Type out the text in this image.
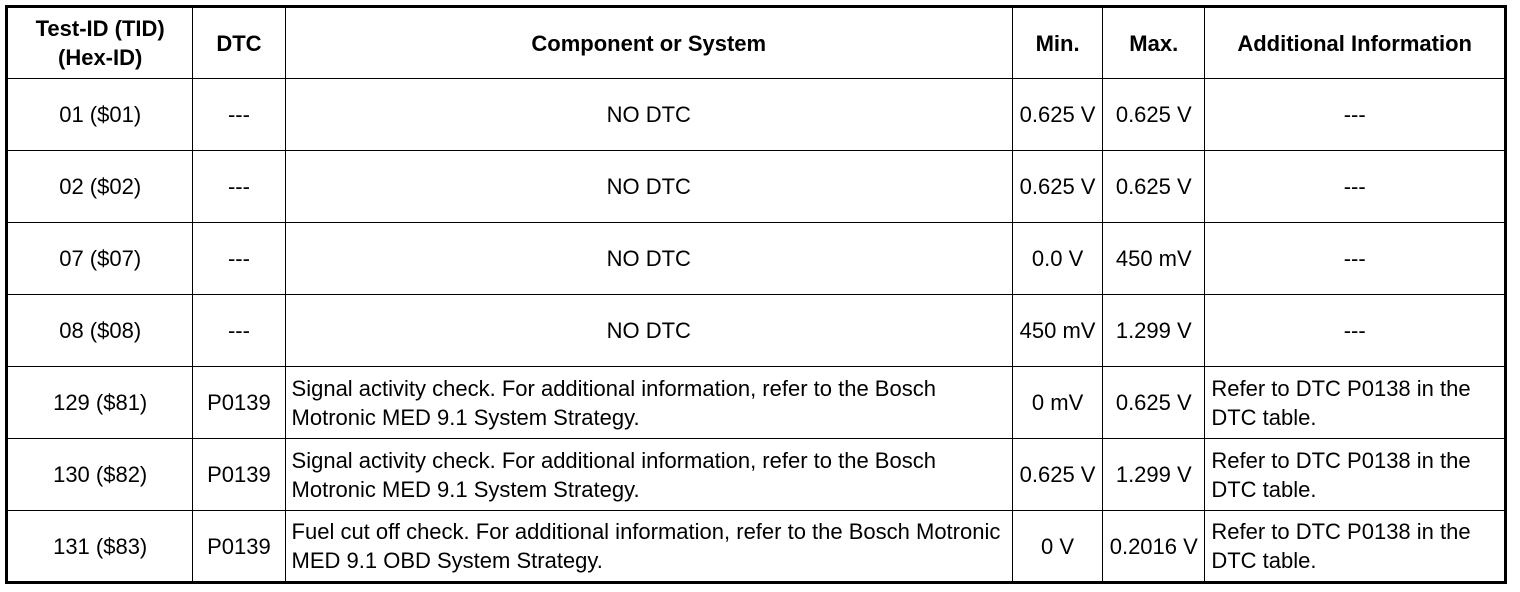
Test-ID (TID)
(Hex-ID)	DTC	Component or System	Min.	Max.	Additional Information
01 ($01)	---	NO DTC	0.625 V	0.625 V	---
02 ($02)	---	NO DTC	0.625 V	0.625 V	---
07 ($07)	---	NO DTC	0.0 V	450 mV	---
08 ($08)	---	NO DTC	450 mV	1.299 V	---
129 ($81)	P0139	Signal activity check. For additional information, refer to the Bosch Motronic MED 9.1 System Strategy.	0 mV	0.625 V	Refer to DTC P0138 in the DTC table.
130 ($82)	P0139	Signal activity check. For additional information, refer to the Bosch Motronic MED 9.1 System Strategy.	0.625 V	1.299 V	Refer to DTC P0138 in the DTC table.
131 ($83)	P0139	Fuel cut off check. For additional information, refer to the Bosch Motronic MED 9.1 OBD System Strategy.	0 V	0.2016 V	Refer to DTC P0138 in the DTC table.
